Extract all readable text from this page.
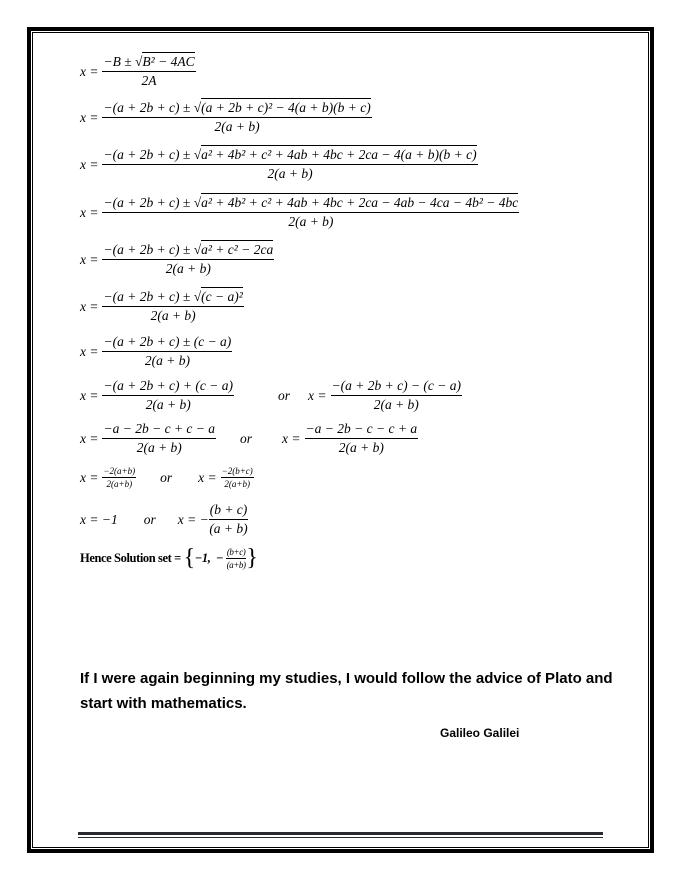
$x = \frac{\text{−B ± √B² − 4AC}}{2A}$
$x = \frac{\text{−(a + 2b + c) ± √(a + 2b + c)² − 4(a + b)(b + c)}}{2(a + b)}$
x =
−(a + 2b + c) ± √a² + 4b² + c² + 4ab + 4bc + 2ca − 4(a + b)(b + c)
2(a + b)
x =
−(a + 2b + c) ± √a² + 4b² + c² + 4ab + 4bc + 2ca − 4ab − 4ca − 4b² − 4bc
2(a + b)
$x = \frac{\text{−(a + 2b + c) ± √a² + c² − 2ca}}{2(a + b)}$
$x = \frac{\text{−(a + 2b + c) ± √(c − a)²}}{2(a + b)}$
$x = \frac{-(a + 2b + c) \pm (c - a)}{2(a + b)}$
$x = \frac{-(a + 2b + c) + (c - a)}{2(a + b)}$	or $x = \frac{-(a + 2b + c) - (c - a)}{2(a + b)}$
$x = \frac{-a - 2b - c + c - a}{2(a + b)}$ or $x = \frac{-a - 2b - c - c + a}{2(a + b)}$
$x = \frac{-2(a+b)}{2(a+b)}$ or $x = \frac{-2(b+c)}{2(a+b)}$
x = −1 or x = − $\frac{(b + c)}{(a + b)}$
Hence Solution set = { −1,  − $\frac{(b+c)}{(a+b)}$ }
If I were again beginning my studies, I would follow the advice of Plato and start with mathematics.
Galileo Galilei
